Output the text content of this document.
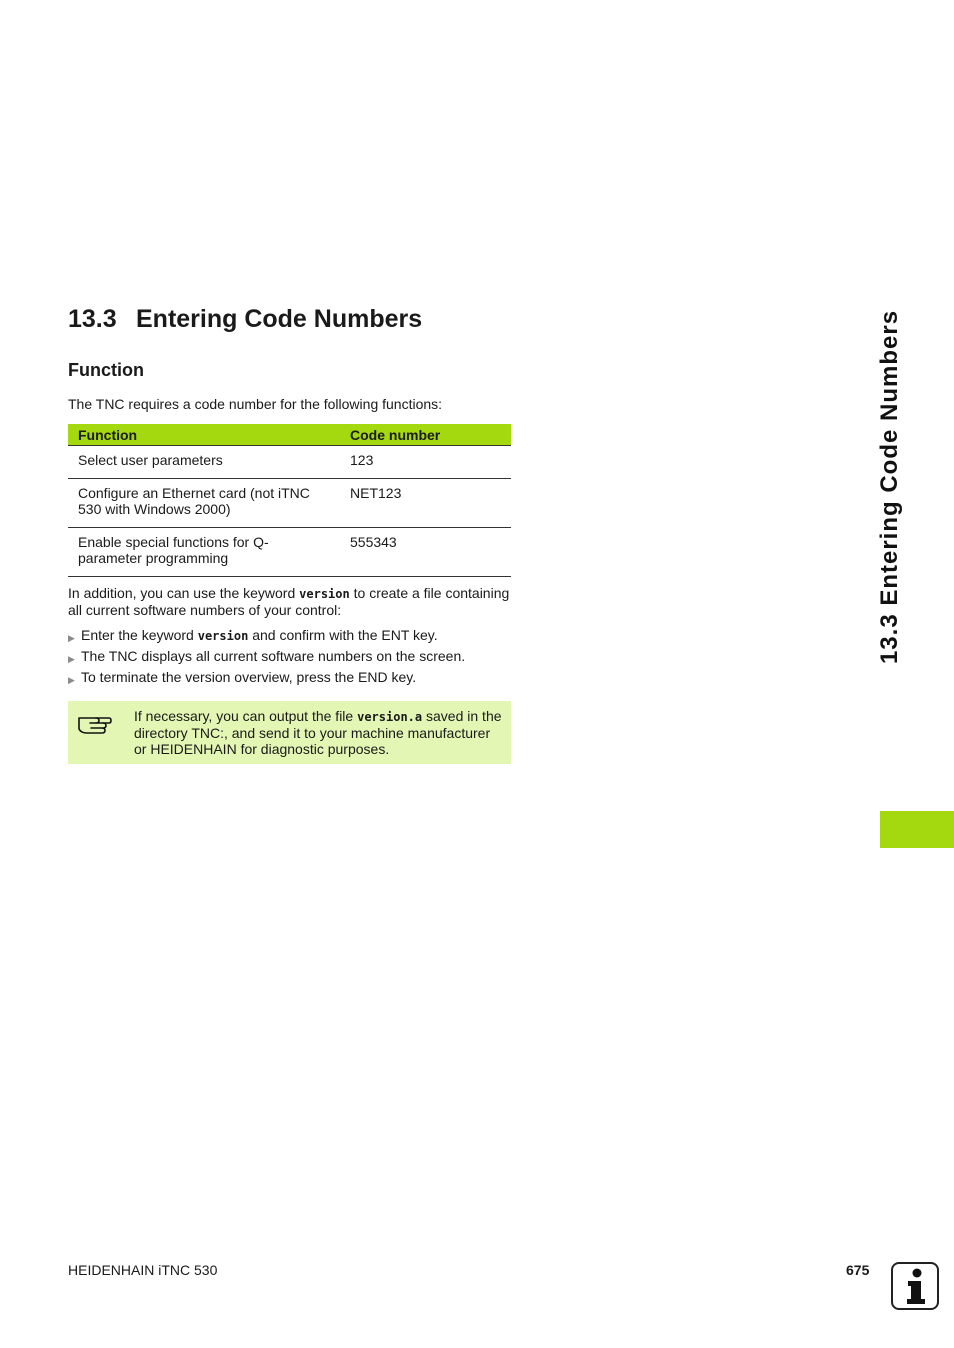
13.3 Entering Code Numbers
13.3 Entering Code Numbers
Function

The TNC requires a code number for the following functions:

Function	Code number
Select user parameters	123
Configure an Ethernet card (not iTNC 530 with Windows 2000)	NET123
Enable special functions for Q-parameter programming	555343

In addition, you can use the keyword version to create a file containing all current software numbers of your control:

▶ Enter the keyword version and confirm with the ENT key.
▶ The TNC displays all current software numbers on the screen.
▶ To terminate the version overview, press the END key.

If necessary, you can output the file version.a saved in the directory TNC:, and send it to your machine manufacturer or HEIDENHAIN for diagnostic purposes.

HEIDENHAIN iTNC 530	675
